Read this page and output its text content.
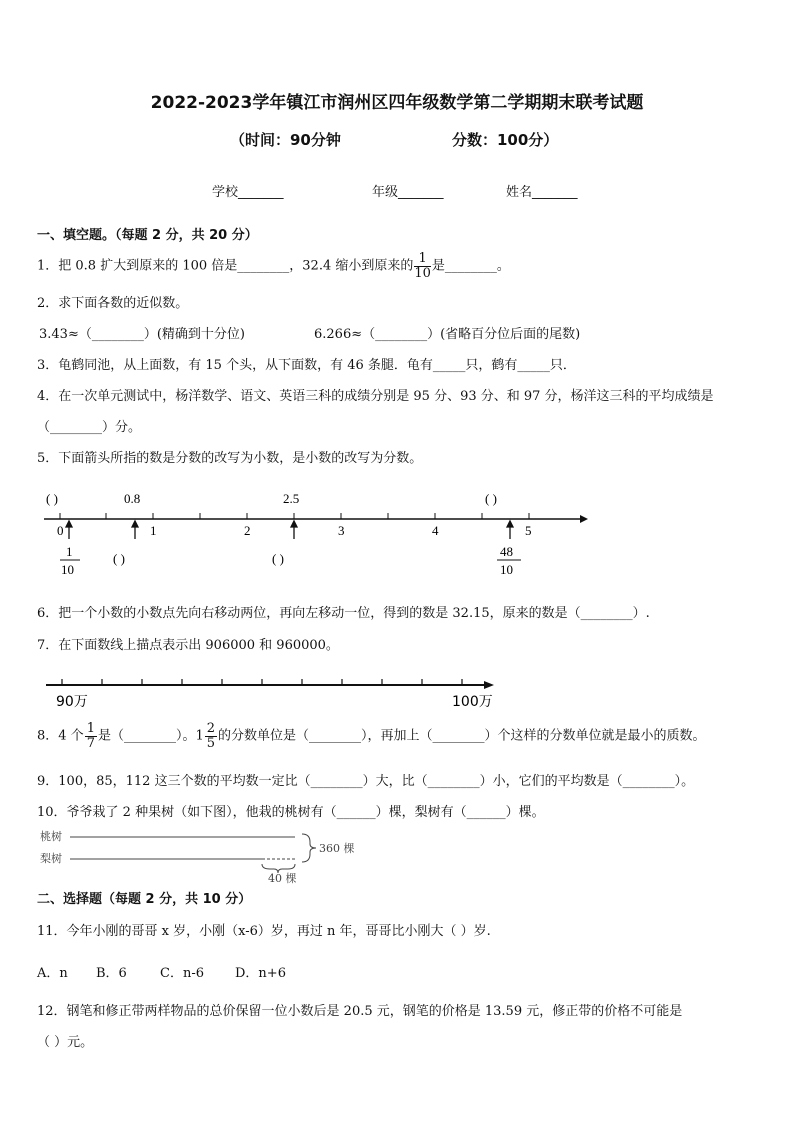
2022-2023学年镇江市润州区四年级数学第二学期期末联考试题
（时间：90分钟	分数：100分）
学校_______	年级_______	姓名_______
一、填空题。（每题 2 分，共 20 分）
1．把 0.8 扩大到原来的 100 倍是________，32.4 缩小到原来的 $\frac{1}{10}$ 是________。
2．求下面各数的近似数。
3.43≈（________）(精确到十分位)	6.266≈（________）(省略百分位后面的尾数)
3．龟鹤同池，从上面数，有 15 个头，从下面数，有 46 条腿．龟有_____只，鹤有_____只．
4．在一次单元测试中，杨洋数学、语文、英语三科的成绩分别是 95 分、93 分、和 97 分，杨洋这三科的平均成绩是
（________）分。
5．下面箭头所指的数是分数的改写为小数，是小数的改写为分数。
( )	0.8	2.5	( )
0	1	2	3	4	5
1
10
( )	( )	48
10
6．把一个小数的小数点先向右移动两位，再向左移动一位，得到的数是 32.15，原来的数是（________）.
7．在下面数线上描点表示出 906000 和 960000。
90万	100万
8．4 个 $\frac{1}{7}$ 是（________）。$1 \frac{2}{5}$ 的分数单位是（________），再加上（________）个这样的分数单位就是最小的质数。
9．100，85，112 这三个数的平均数一定比（________）大，比（________）小，它们的平均数是（________）。
10．爷爷栽了 2 种果树（如下图），他栽的桃树有（______）棵，梨树有（______）棵。
桃树
梨树
360 棵
40 棵
二、选择题（每题 2 分，共 10 分）
11．今年小刚的哥哥 x 岁，小刚（x-6）岁，再过 n 年，哥哥比小刚大（ ）岁.
A．n B．6	C．n-6 D．n+6
12．钢笔和修正带两样物品的总价保留一位小数后是 20.5 元，钢笔的价格是 13.59 元，修正带的价格不可能是
（ ）元。
